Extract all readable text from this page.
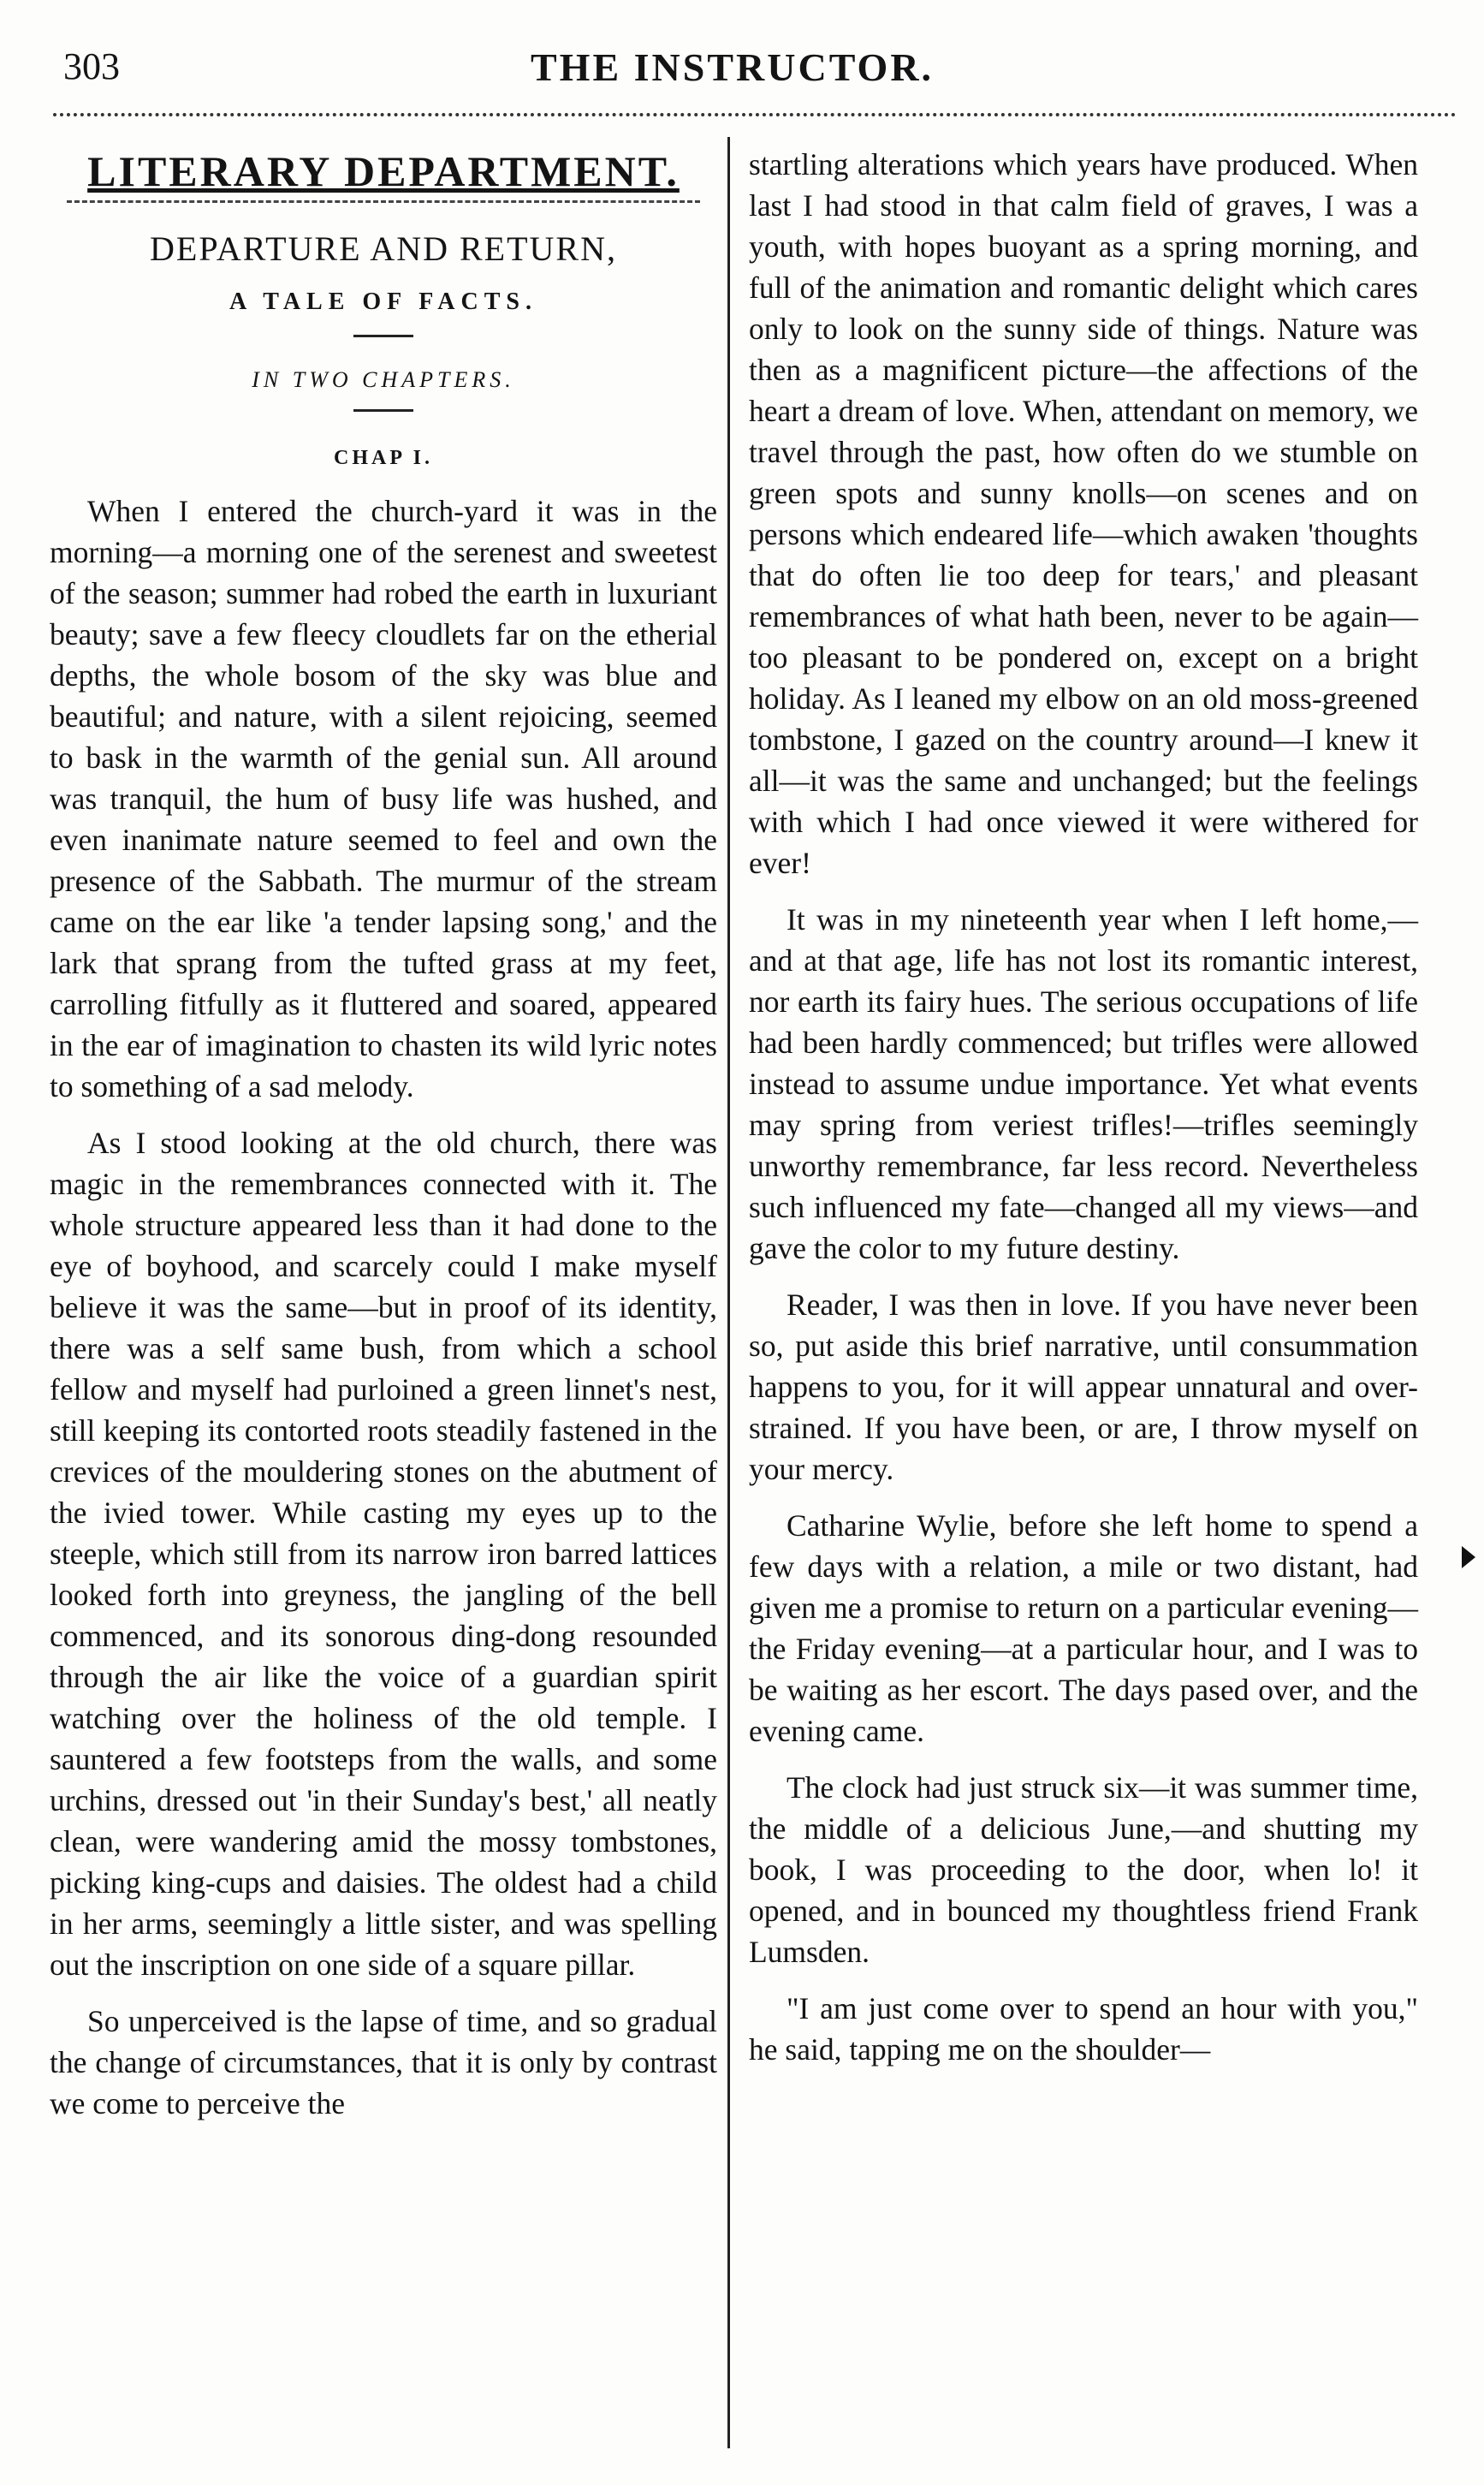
303	THE INSTRUCTOR.
LITERARY DEPARTMENT.
DEPARTURE AND RETURN,
A TALE OF FACTS.
IN TWO CHAPTERS.
CHAP I.

When I entered the church-yard it was in the morning—a morning one of the serenest and sweetest of the season; summer had robed the earth in luxuriant beauty; save a few fleecy cloudlets far on the etherial depths, the whole bosom of the sky was blue and beautiful; and nature, with a silent rejoicing, seemed to bask in the warmth of the genial sun. All around was tranquil, the hum of busy life was hushed, and even inanimate nature seemed to feel and own the presence of the Sabbath. The murmur of the stream came on the ear like 'a tender lapsing song,' and the lark that sprang from the tufted grass at my feet, carrolling fitfully as it fluttered and soared, appeared in the ear of imagination to chasten its wild lyric notes to something of a sad melody.

As I stood looking at the old church, there was magic in the remembrances connected with it. The whole structure appeared less than it had done to the eye of boyhood, and scarcely could I make myself believe it was the same—but in proof of its identity, there was a self same bush, from which a school fellow and myself had purloined a green linnet's nest, still keeping its contorted roots steadily fastened in the crevices of the mouldering stones on the abutment of the ivied tower. While casting my eyes up to the steeple, which still from its narrow iron barred lattices looked forth into greyness, the jangling of the bell commenced, and its sonorous ding-dong resounded through the air like the voice of a guardian spirit watching over the holiness of the old temple. I sauntered a few footsteps from the walls, and some urchins, dressed out 'in their Sunday's best,' all neatly clean, were wandering amid the mossy tombstones, picking king-cups and daisies. The oldest had a child in her arms, seemingly a little sister, and was spelling out the inscription on one side of a square pillar.

So unperceived is the lapse of time, and so gradual the change of circumstances, that it is only by contrast we come to perceive the

startling alterations which years have produced. When last I had stood in that calm field of graves, I was a youth, with hopes buoyant as a spring morning, and full of the animation and romantic delight which cares only to look on the sunny side of things. Nature was then as a magnificent picture—the affections of the heart a dream of love. When, attendant on memory, we travel through the past, how often do we stumble on green spots and sunny knolls—on scenes and on persons which endeared life—which awaken 'thoughts that do often lie too deep for tears,' and pleasant remembrances of what hath been, never to be again—too pleasant to be pondered on, except on a bright holiday. As I leaned my elbow on an old moss-greened tombstone, I gazed on the country around—I knew it all—it was the same and unchanged; but the feelings with which I had once viewed it were withered for ever!

It was in my nineteenth year when I left home,—and at that age, life has not lost its romantic interest, nor earth its fairy hues. The serious occupations of life had been hardly commenced; but trifles were allowed instead to assume undue importance. Yet what events may spring from veriest trifles!—trifles seemingly unworthy remembrance, far less record. Nevertheless such influenced my fate—changed all my views—and gave the color to my future destiny.

Reader, I was then in love. If you have never been so, put aside this brief narrative, until consummation happens to you, for it will appear unnatural and over-strained. If you have been, or are, I throw myself on your mercy.

Catharine Wylie, before she left home to spend a few days with a relation, a mile or two distant, had given me a promise to return on a particular evening—the Friday evening—at a particular hour, and I was to be waiting as her escort. The days pased over, and the evening came.

The clock had just struck six—it was summer time, the middle of a delicious June,—and shutting my book, I was proceeding to the door, when lo! it opened, and in bounced my thoughtless friend Frank Lumsden.

"I am just come over to spend an hour with you," he said, tapping me on the shoulder—
